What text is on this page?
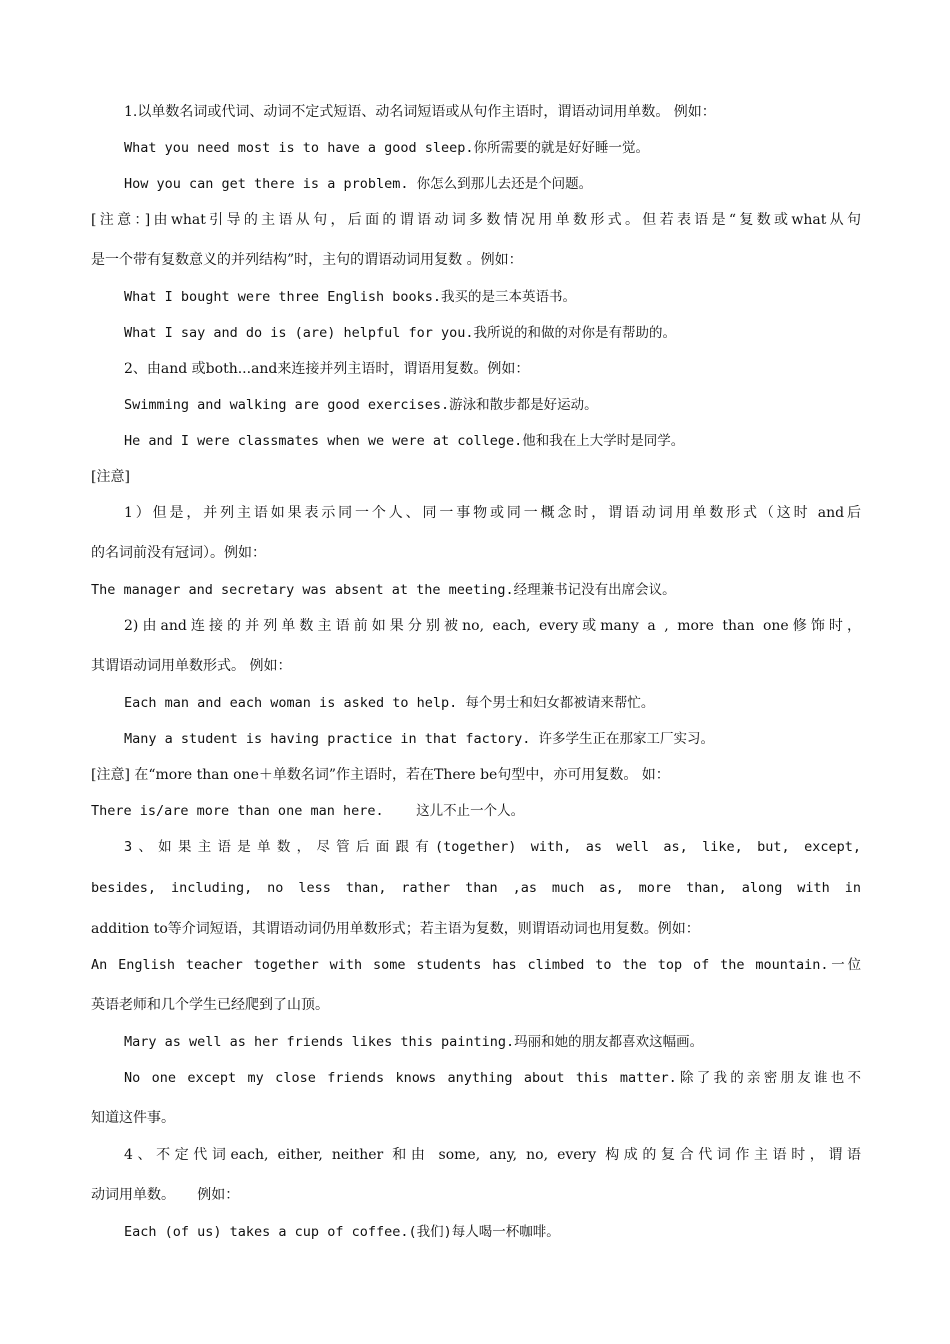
1.以单数名词或代词、动词不定式短语、动名词短语或从句作主语时，谓语动词用单数。 例如：
What you need most is to have a good sleep.你所需要的就是好好睡一觉。
How you can get there is a problem. 你怎么到那儿去还是个问题。
[注意：]由what引导的主语从句，后面的谓语动词多数情况用单数形式。但若表语是“复数或what从句
是一个带有复数意义的并列结构”时，主句的谓语动词用复数 。例如：
What I bought were three English books.我买的是三本英语书。
What I say and do is (are) helpful for you.我所说的和做的对你是有帮助的。
2、由and 或both...and来连接并列主语时，谓语用复数。例如：
Swimming and walking are good exercises.游泳和散步都是好运动。
He and I were classmates when we were at college.他和我在上大学时是同学。
[注意]
1）但是，并列主语如果表示同一个人、同一事物或同一概念时，谓语动词用单数形式（这时 and后
的名词前没有冠词）。例如：
The manager and secretary was absent at the meeting.经理兼书记没有出席会议。
2)由and连接的并列单数主语前如果分别被no, each, every或many a , more than one修饰时，
其谓语动词用单数形式。 例如：
Each man and each woman is asked to help. 每个男士和妇女都被请来帮忙。
Many a student is having practice in that factory. 许多学生正在那家工厂实习。
[注意] 在“more than one＋单数名词”作主语时，若在There be句型中，亦可用复数。 如：
There is/are more than one man here.    这儿不止一个人。
3、如果主语是单数，尽管后面跟有(together) with, as well as, like, but, except,
besides, including, no less than, rather than ,as much as, more than, along with in
addition to等介词短语，其谓语动词仍用单数形式；若主语为复数，则谓语动词也用复数。例如：
An English teacher together with some students has climbed to the top of the mountain.一位
英语老师和几个学生已经爬到了山顶。
Mary as well as her friends likes this painting.玛丽和她的朋友都喜欢这幅画。
No one except my close friends knows anything about this matter.除了我的亲密朋友谁也不
知道这件事。
4、不定代词each, either, neither 和由 some, any, no, every 构成的复合代词作主语时，谓语
动词用单数。     例如：
Each (of us) takes a cup of coffee.(我们)每人喝一杯咖啡。
